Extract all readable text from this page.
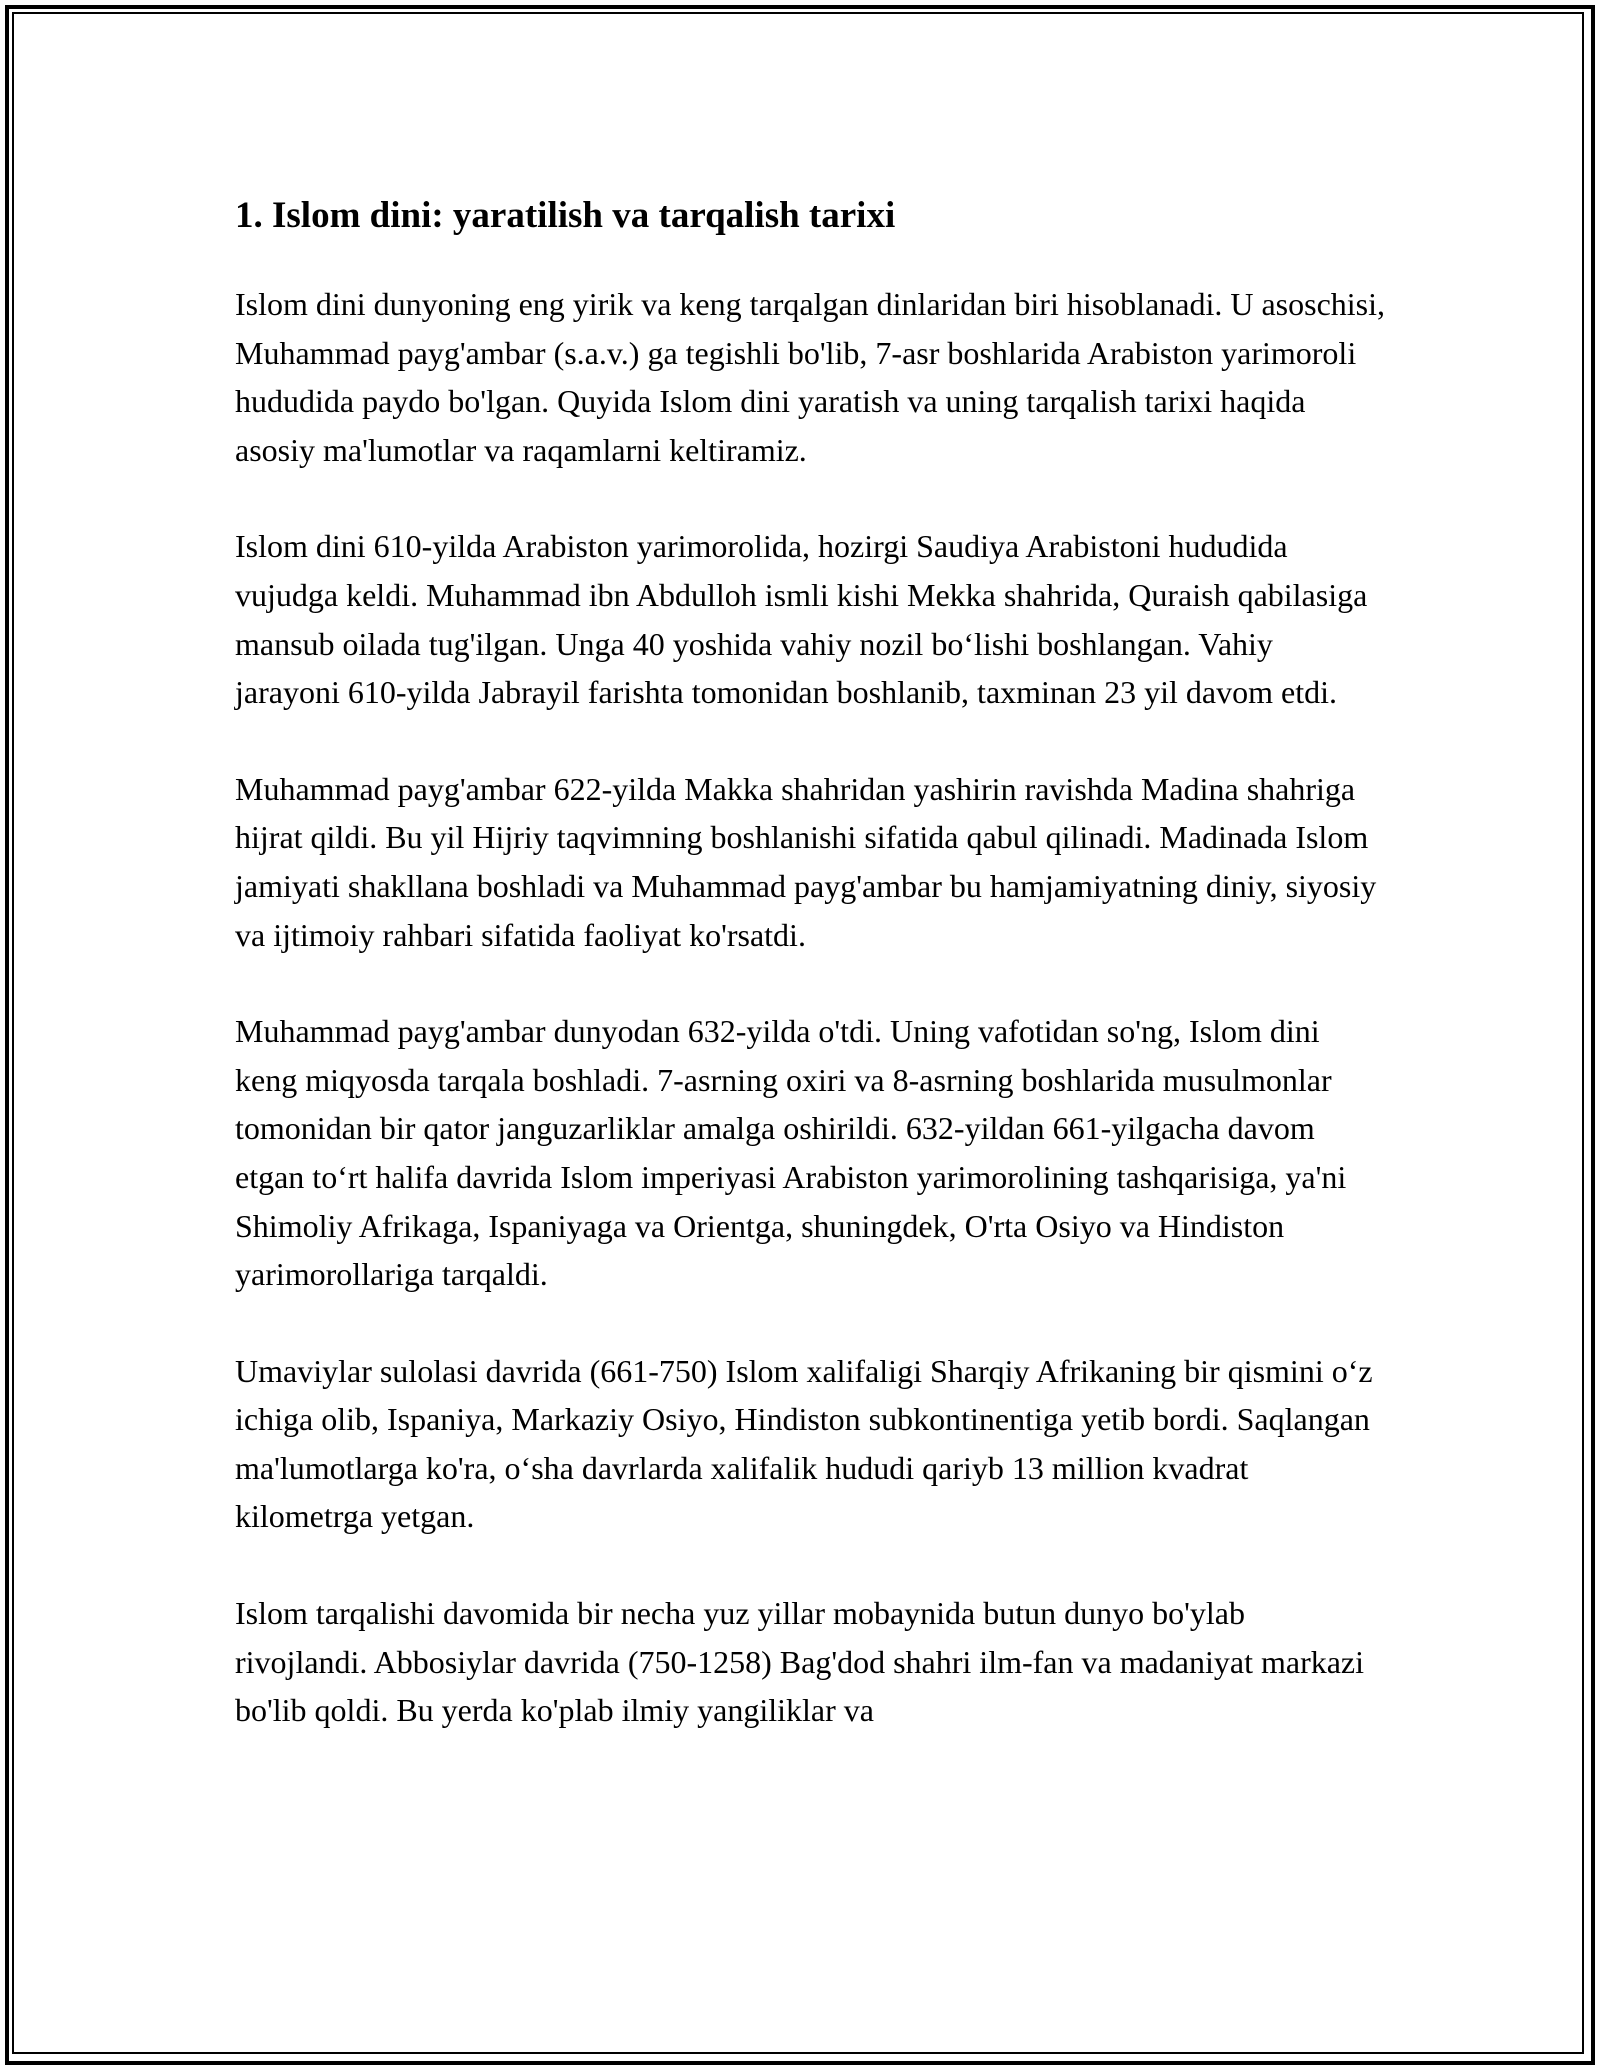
1. Islom dini: yaratilish va tarqalish tarixi

Islom dini dunyoning eng yirik va keng tarqalgan dinlaridan biri hisoblanadi. U asoschisi, Muhammad payg'ambar (s.a.v.) ga tegishli bo'lib, 7-asr boshlarida Arabiston yarimoroli hududida paydo bo'lgan. Quyida Islom dini yaratish va uning tarqalish tarixi haqida asosiy ma'lumotlar va raqamlarni keltiramiz.

Islom dini 610-yilda Arabiston yarimorolida, hozirgi Saudiya Arabistoni hududida vujudga keldi. Muhammad ibn Abdulloh ismli kishi Mekka shahrida, Quraish qabilasiga mansub oilada tug'ilgan. Unga 40 yoshida vahiy nozil bo‘lishi boshlangan. Vahiy jarayoni 610-yilda Jabrayil farishta tomonidan boshlanib, taxminan 23 yil davom etdi.

Muhammad payg'ambar 622-yilda Makka shahridan yashirin ravishda Madina shahriga hijrat qildi. Bu yil Hijriy taqvimning boshlanishi sifatida qabul qilinadi. Madinada Islom jamiyati shakllana boshladi va Muhammad payg'ambar bu hamjamiyatning diniy, siyosiy va ijtimoiy rahbari sifatida faoliyat ko'rsatdi.

Muhammad payg'ambar dunyodan 632-yilda o'tdi. Uning vafotidan so'ng, Islom dini keng miqyosda tarqala boshladi. 7-asrning oxiri va 8-asrning boshlarida musulmonlar tomonidan bir qator janguzarliklar amalga oshirildi. 632-yildan 661-yilgacha davom etgan to‘rt halifa davrida Islom imperiyasi Arabiston yarimorolining tashqarisiga, ya'ni Shimoliy Afrikaga, Ispaniyaga va Orientga, shuningdek, O'rta Osiyo va Hindiston yarimorollariga tarqaldi.

Umaviylar sulolasi davrida (661-750) Islom xalifaligi Sharqiy Afrikaning bir qismini o‘z ichiga olib, Ispaniya, Markaziy Osiyo, Hindiston subkontinentiga yetib bordi. Saqlangan ma'lumotlarga ko'ra, o‘sha davrlarda xalifalik hududi qariyb 13 million kvadrat kilometrga yetgan.

Islom tarqalishi davomida bir necha yuz yillar mobaynida butun dunyo bo'ylab rivojlandi. Abbosiylar davrida (750-1258) Bag'dod shahri ilm-fan va madaniyat markazi bo'lib qoldi. Bu yerda ko'plab ilmiy yangiliklar va
